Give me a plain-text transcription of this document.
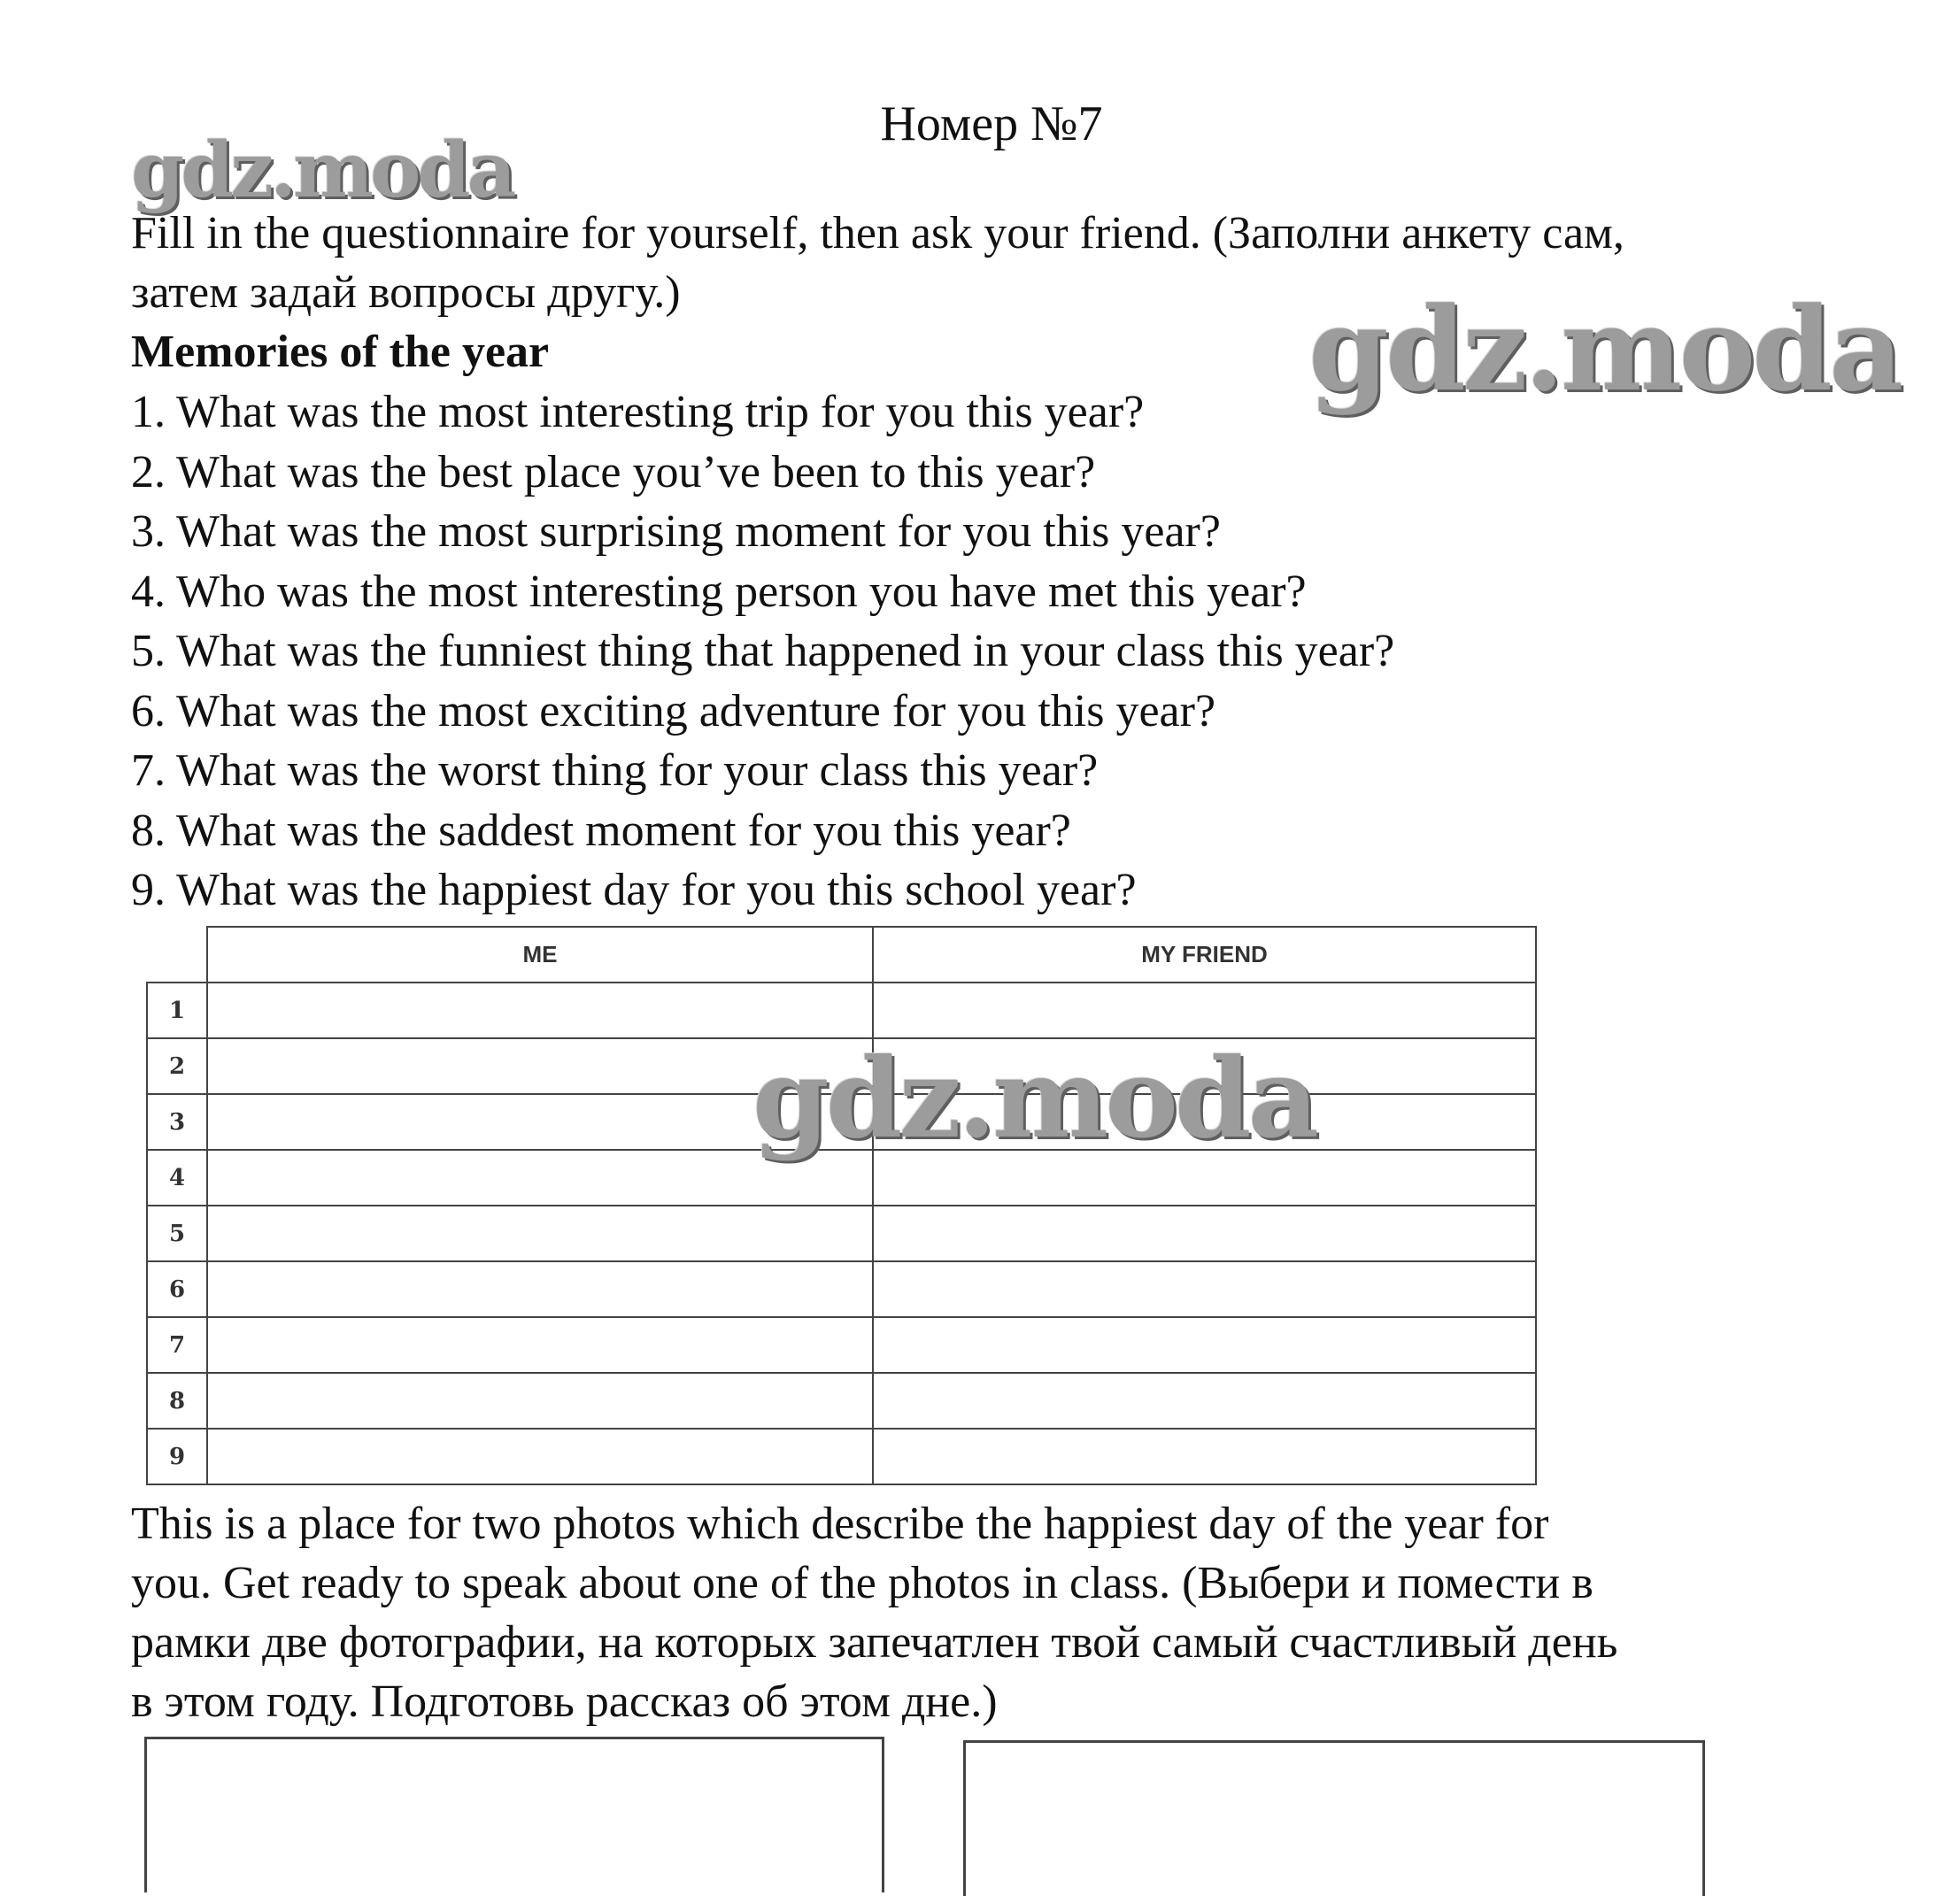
Номер №7
gdz.moda
Fill in the questionnaire for yourself, then ask your friend. (Заполни анкету сам,
затем задай вопросы другу.)
Memories of the year	gdz.moda
1. What was the most interesting trip for you this year?
2. What was the best place you’ve been to this year?
3. What was the most surprising moment for you this year?
4. Who was the most interesting person you have met this year?
5. What was the funniest thing that happened in your class this year?
6. What was the most exciting adventure for you this year?
7. What was the worst thing for your class this year?
8. What was the saddest moment for you this year?
9. What was the happiest day for you this school year?
	ME	MY FRIEND
1		
2		
3		
4		
5		
6		
7		
8		
9		
gdz.moda
This is a place for two photos which describe the happiest day of the year for
you. Get ready to speak about one of the photos in class. (Выбери и помести в
рамки две фотографии, на которых запечатлен твой самый счастливый день
в этом году. Подготовь рассказ об этом дне.)
